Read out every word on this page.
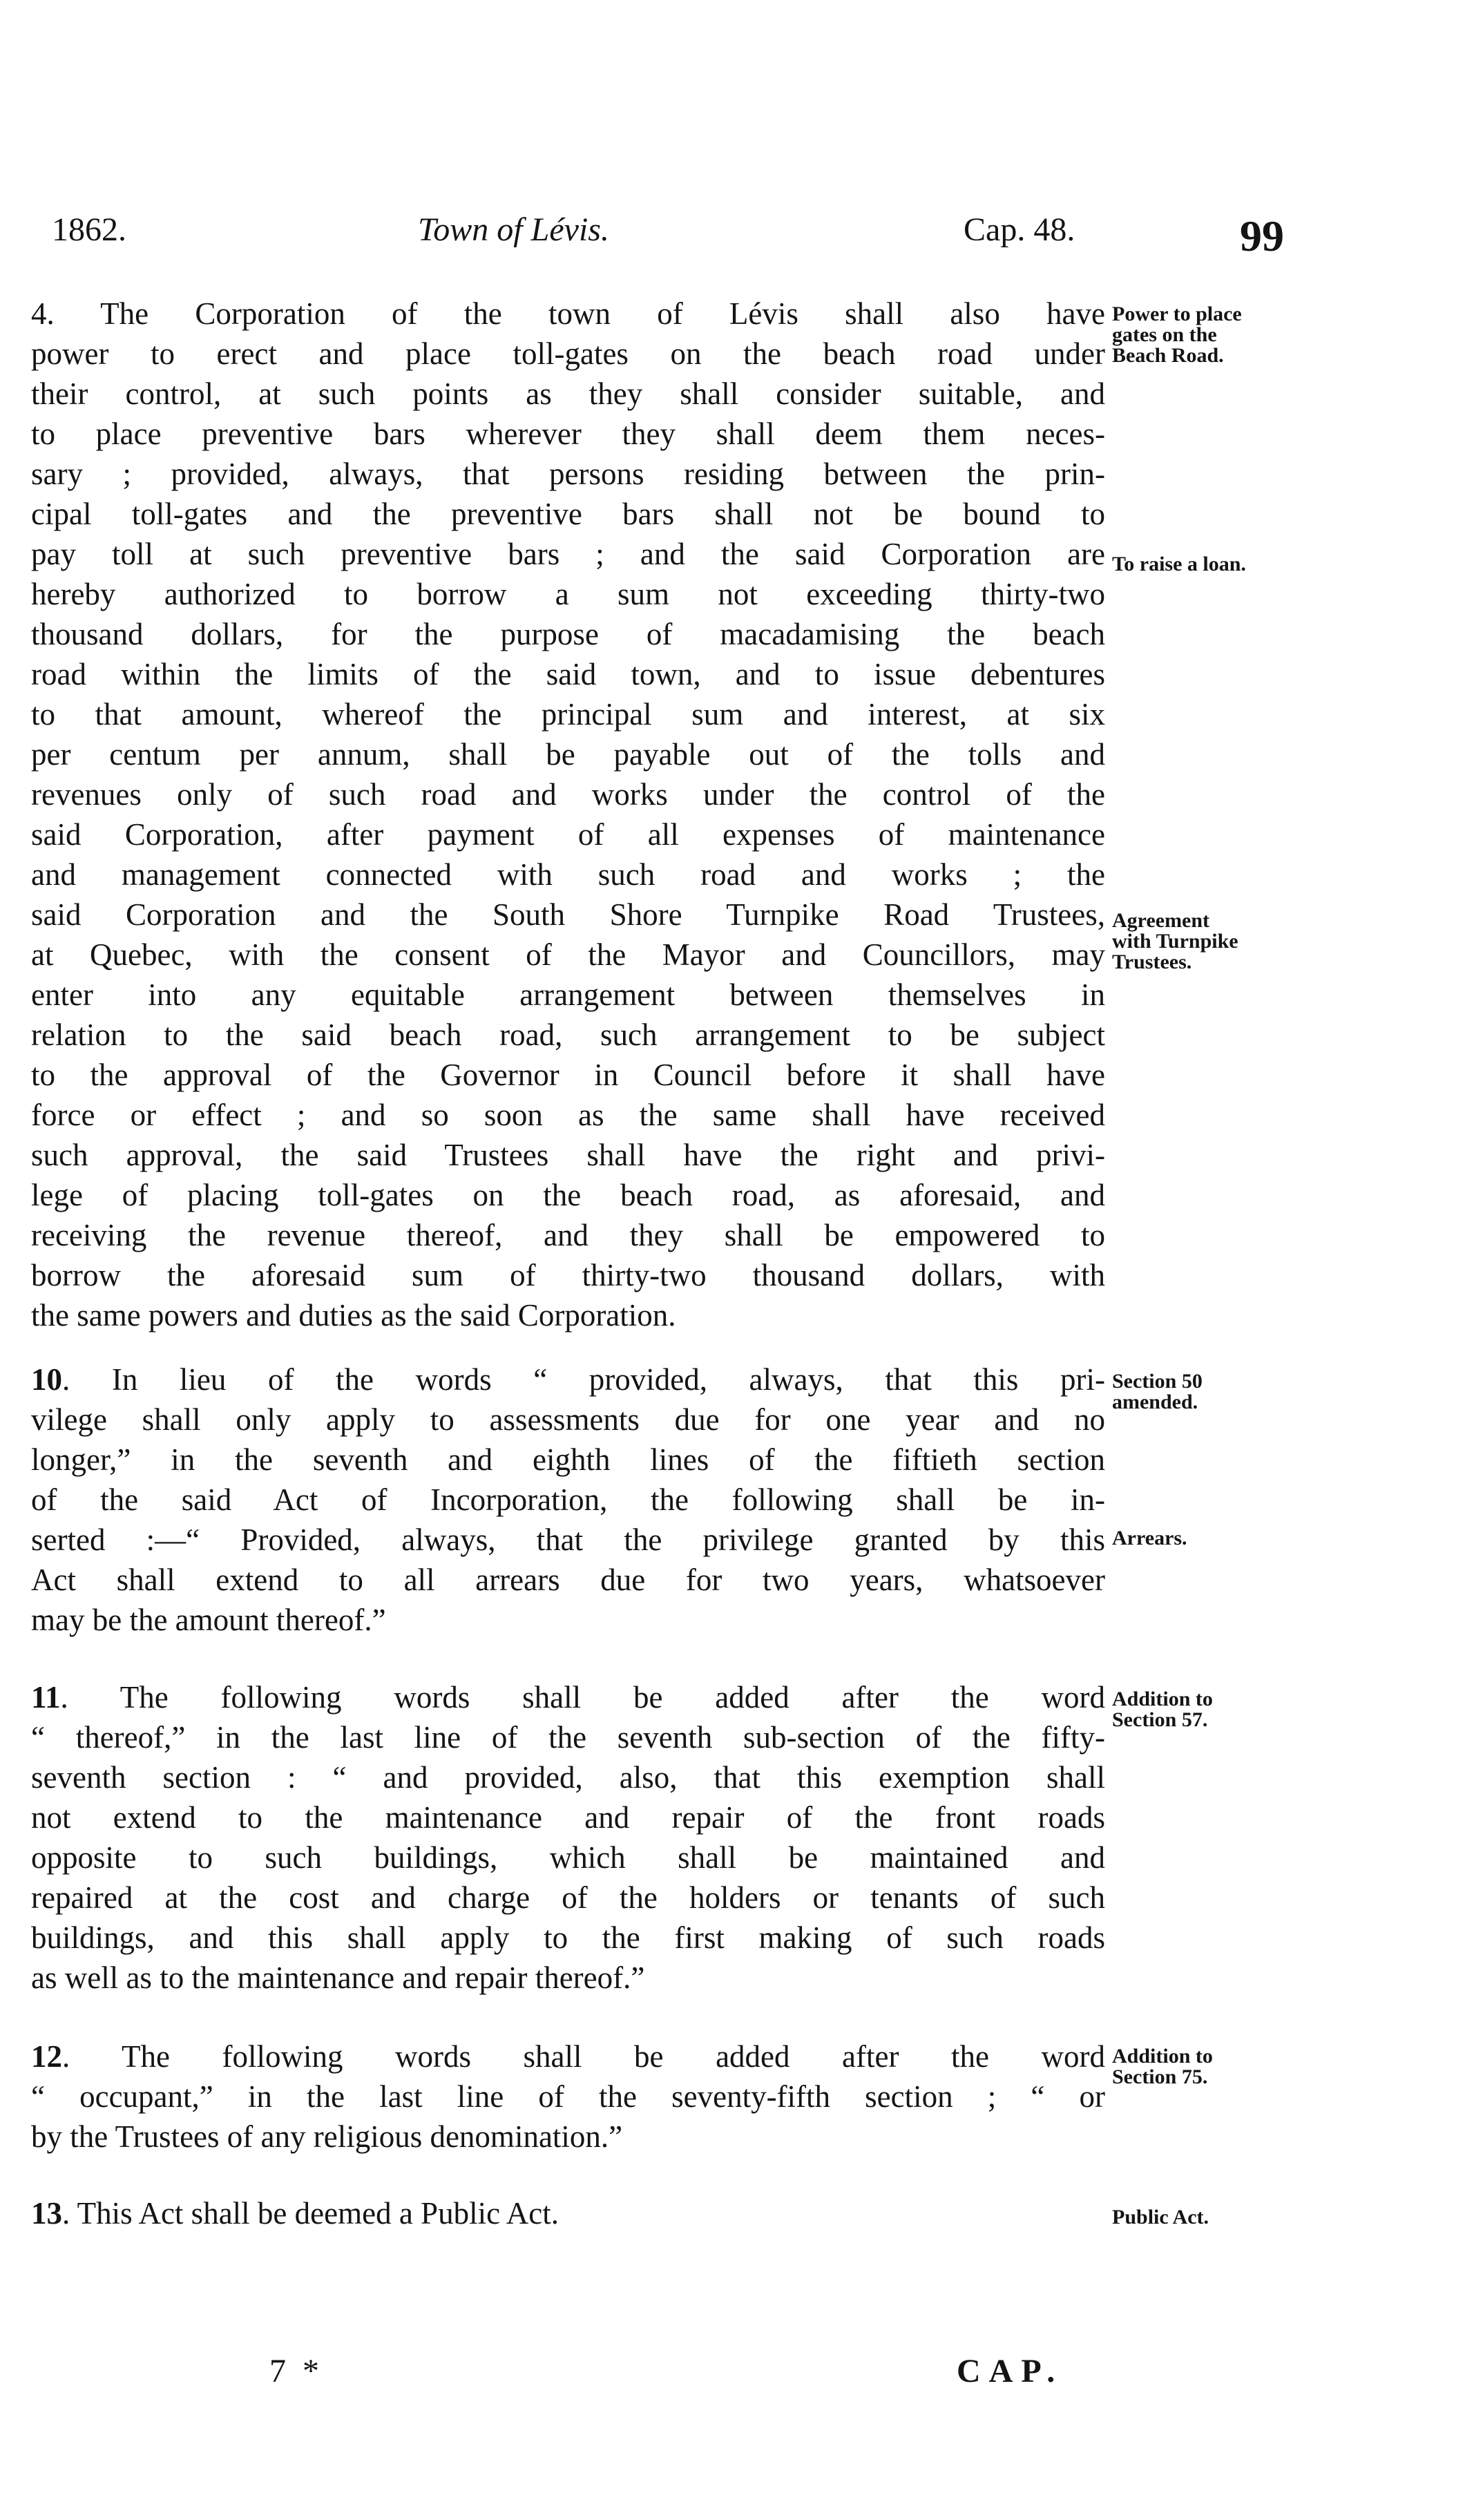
1862.	Town of Lévis.	Cap. 48.	99
4. The Corporation of the town of Lévis shall also have
power to erect and place toll-gates on the beach road under
their control, at such points as they shall consider suitable, and
to place preventive bars wherever they shall deem them neces-
sary ; provided, always, that persons residing between the prin-
cipal toll-gates and the preventive bars shall not be bound to
pay toll at such preventive bars ; and the said Corporation are
hereby authorized to borrow a sum not exceeding thirty-two
thousand dollars, for the purpose of macadamising the beach
road within the limits of the said town, and to issue debentures
to that amount, whereof the principal sum and interest, at six
per centum per annum, shall be payable out of the tolls and
revenues only of such road and works under the control of the
said Corporation, after payment of all expenses of maintenance
and management connected with such road and works ; the
said Corporation and the South Shore Turnpike Road Trustees,
at Quebec, with the consent of the Mayor and Councillors, may
enter into any equitable arrangement between themselves in
relation to the said beach road, such arrangement to be subject
to the approval of the Governor in Council before it shall have
force or effect ; and so soon as the same shall have received
such approval, the said Trustees shall have the right and privi-
lege of placing toll-gates on the beach road, as aforesaid, and
receiving the revenue thereof, and they shall be empowered to
borrow the aforesaid sum of thirty-two thousand dollars, with
the same powers and duties as the said Corporation.
10. In lieu of the words “ provided, always, that this pri-
vilege shall only apply to assessments due for one year and no
longer,” in the seventh and eighth lines of the fiftieth section
of the said Act of Incorporation, the following shall be in-
serted :—“ Provided, always, that the privilege granted by this
Act shall extend to all arrears due for two years, whatsoever
may be the amount thereof.”
11. The following words shall be added after the word
“ thereof,” in the last line of the seventh sub-section of the fifty-
seventh section : “ and provided, also, that this exemption shall
not extend to the maintenance and repair of the front roads
opposite to such buildings, which shall be maintained and
repaired at the cost and charge of the holders or tenants of such
buildings, and this shall apply to the first making of such roads
as well as to the maintenance and repair thereof.”
12. The following words shall be added after the word
“ occupant,” in the last line of the seventy-fifth section ; “ or
by the Trustees of any religious denomination.”
13. This Act shall be deemed a Public Act.
Power to place
gates on the
Beach Road.
To raise a loan.
Agreement
with Turnpike
Trustees.
Section 50
amended.
Arrears.
Addition to
Section 57.
Addition to
Section 75.
Public Act.
7 *	CAP.
